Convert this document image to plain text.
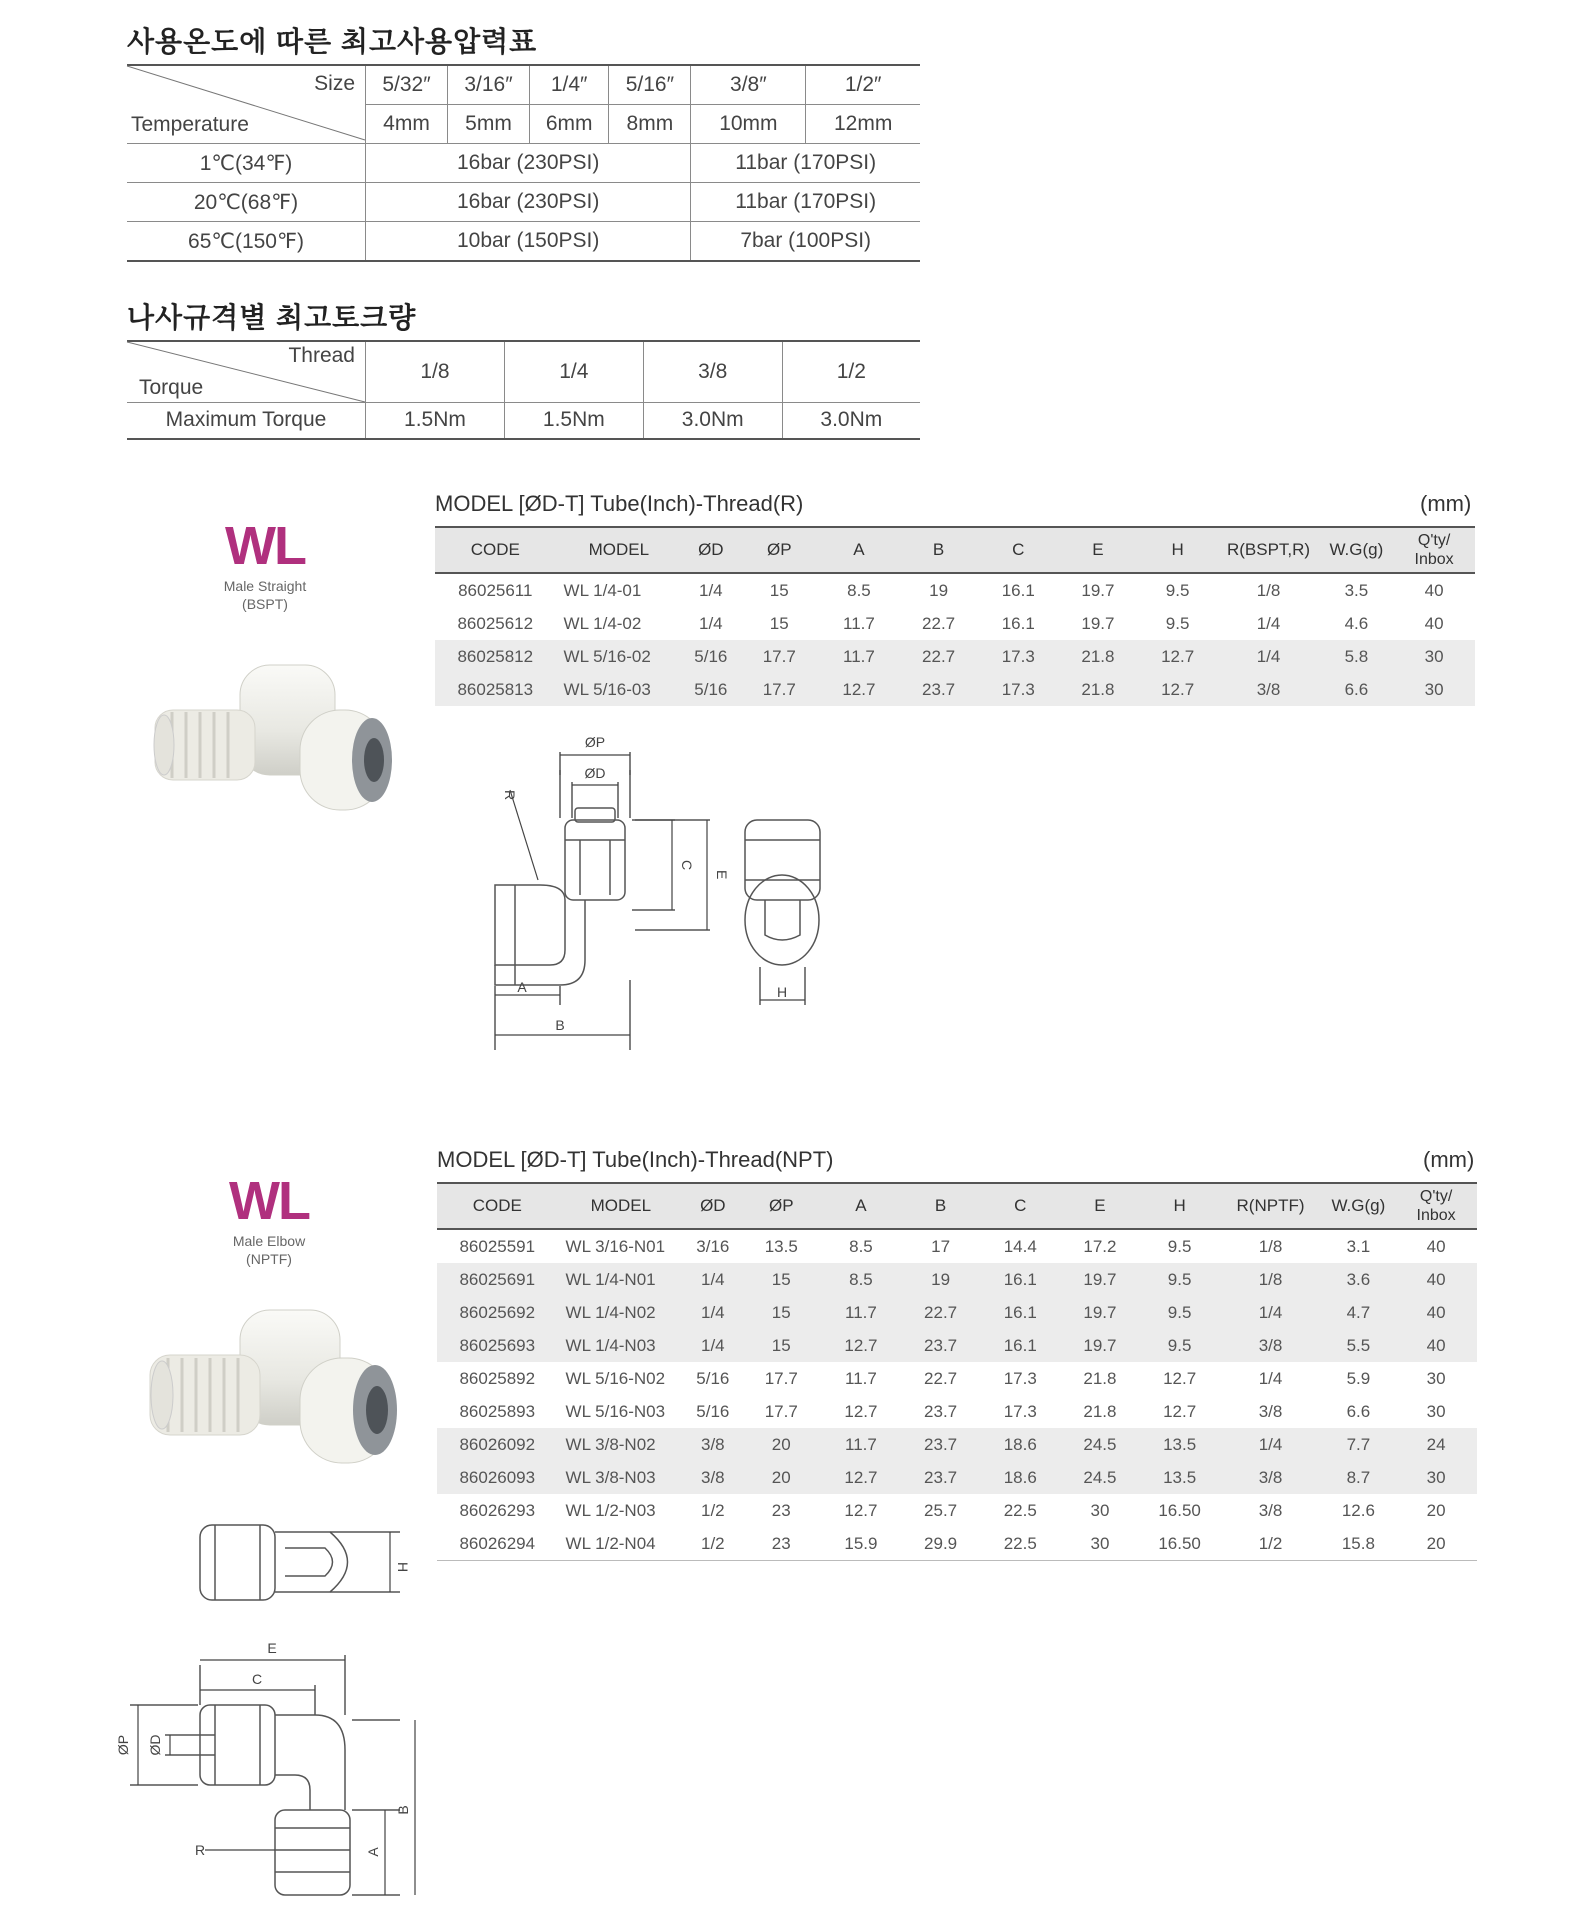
사용온도에 따른 최고사용압력표
Size
Temperature	5/32″	3/16″	1/4″	5/16″	3/8″	1/2″
	4mm	5mm	6mm	8mm	10mm	12mm
1℃(34℉)	16bar (230PSI)				11bar (170PSI)	
20℃(68℉)	16bar (230PSI)				11bar (170PSI)	
65℃(150℉)	10bar (150PSI)				7bar (100PSI)	
나사규격별 최고토크량
Thread
Torque	1/8	1/4	3/8	1/2
Maximum Torque	1.5Nm	1.5Nm	3.0Nm	3.0Nm
WL
Male Straight
(BSPT)
MODEL [ØD-T] Tube(Inch)-Thread(R)	(mm)
CODE	MODEL	ØD	ØP	A	B	C	E	H	R(BSPT,R)	W.G(g)	Q'ty/
Inbox

86025611	WL 1/4-01	1/4	15	8.5	19	16.1	19.7	9.5	1/8	3.5	40
86025612	WL 1/4-02	1/4	15	11.7	22.7	16.1	19.7	9.5	1/4	4.6	40
86025812	WL 5/16-02	5/16	17.7	11.7	22.7	17.3	21.8	12.7	1/4	5.8	30
86025813	WL 5/16-03	5/16	17.7	12.7	23.7	17.3	21.8	12.7	3/8	6.6	30
ØP
ØD
R
C
E
A
B
H
WL
Male Elbow
(NPTF)
MODEL [ØD-T] Tube(Inch)-Thread(NPT)	(mm)
CODE	MODEL	ØD	ØP	A	B	C	E	H	R(NPTF)	W.G(g)	Q'ty/
Inbox

86025591	WL 3/16-N01	3/16	13.5	8.5	17	14.4	17.2	9.5	1/8	3.1	40
86025691	WL 1/4-N01	1/4	15	8.5	19	16.1	19.7	9.5	1/8	3.6	40
86025692	WL 1/4-N02	1/4	15	11.7	22.7	16.1	19.7	9.5	1/4	4.7	40
86025693	WL 1/4-N03	1/4	15	12.7	23.7	16.1	19.7	9.5	3/8	5.5	40
86025892	WL 5/16-N02	5/16	17.7	11.7	22.7	17.3	21.8	12.7	1/4	5.9	30
86025893	WL 5/16-N03	5/16	17.7	12.7	23.7	17.3	21.8	12.7	3/8	6.6	30
86026092	WL 3/8-N02	3/8	20	11.7	23.7	18.6	24.5	13.5	1/4	7.7	24
86026093	WL 3/8-N03	3/8	20	12.7	23.7	18.6	24.5	13.5	3/8	8.7	30
86026293	WL 1/2-N03	1/2	23	12.7	25.7	22.5	30	16.50	3/8	12.6	20
86026294	WL 1/2-N04	1/2	23	15.9	29.9	22.5	30	16.50	1/2	15.8	20
H
E
C
ØP ØD
R	A
B
